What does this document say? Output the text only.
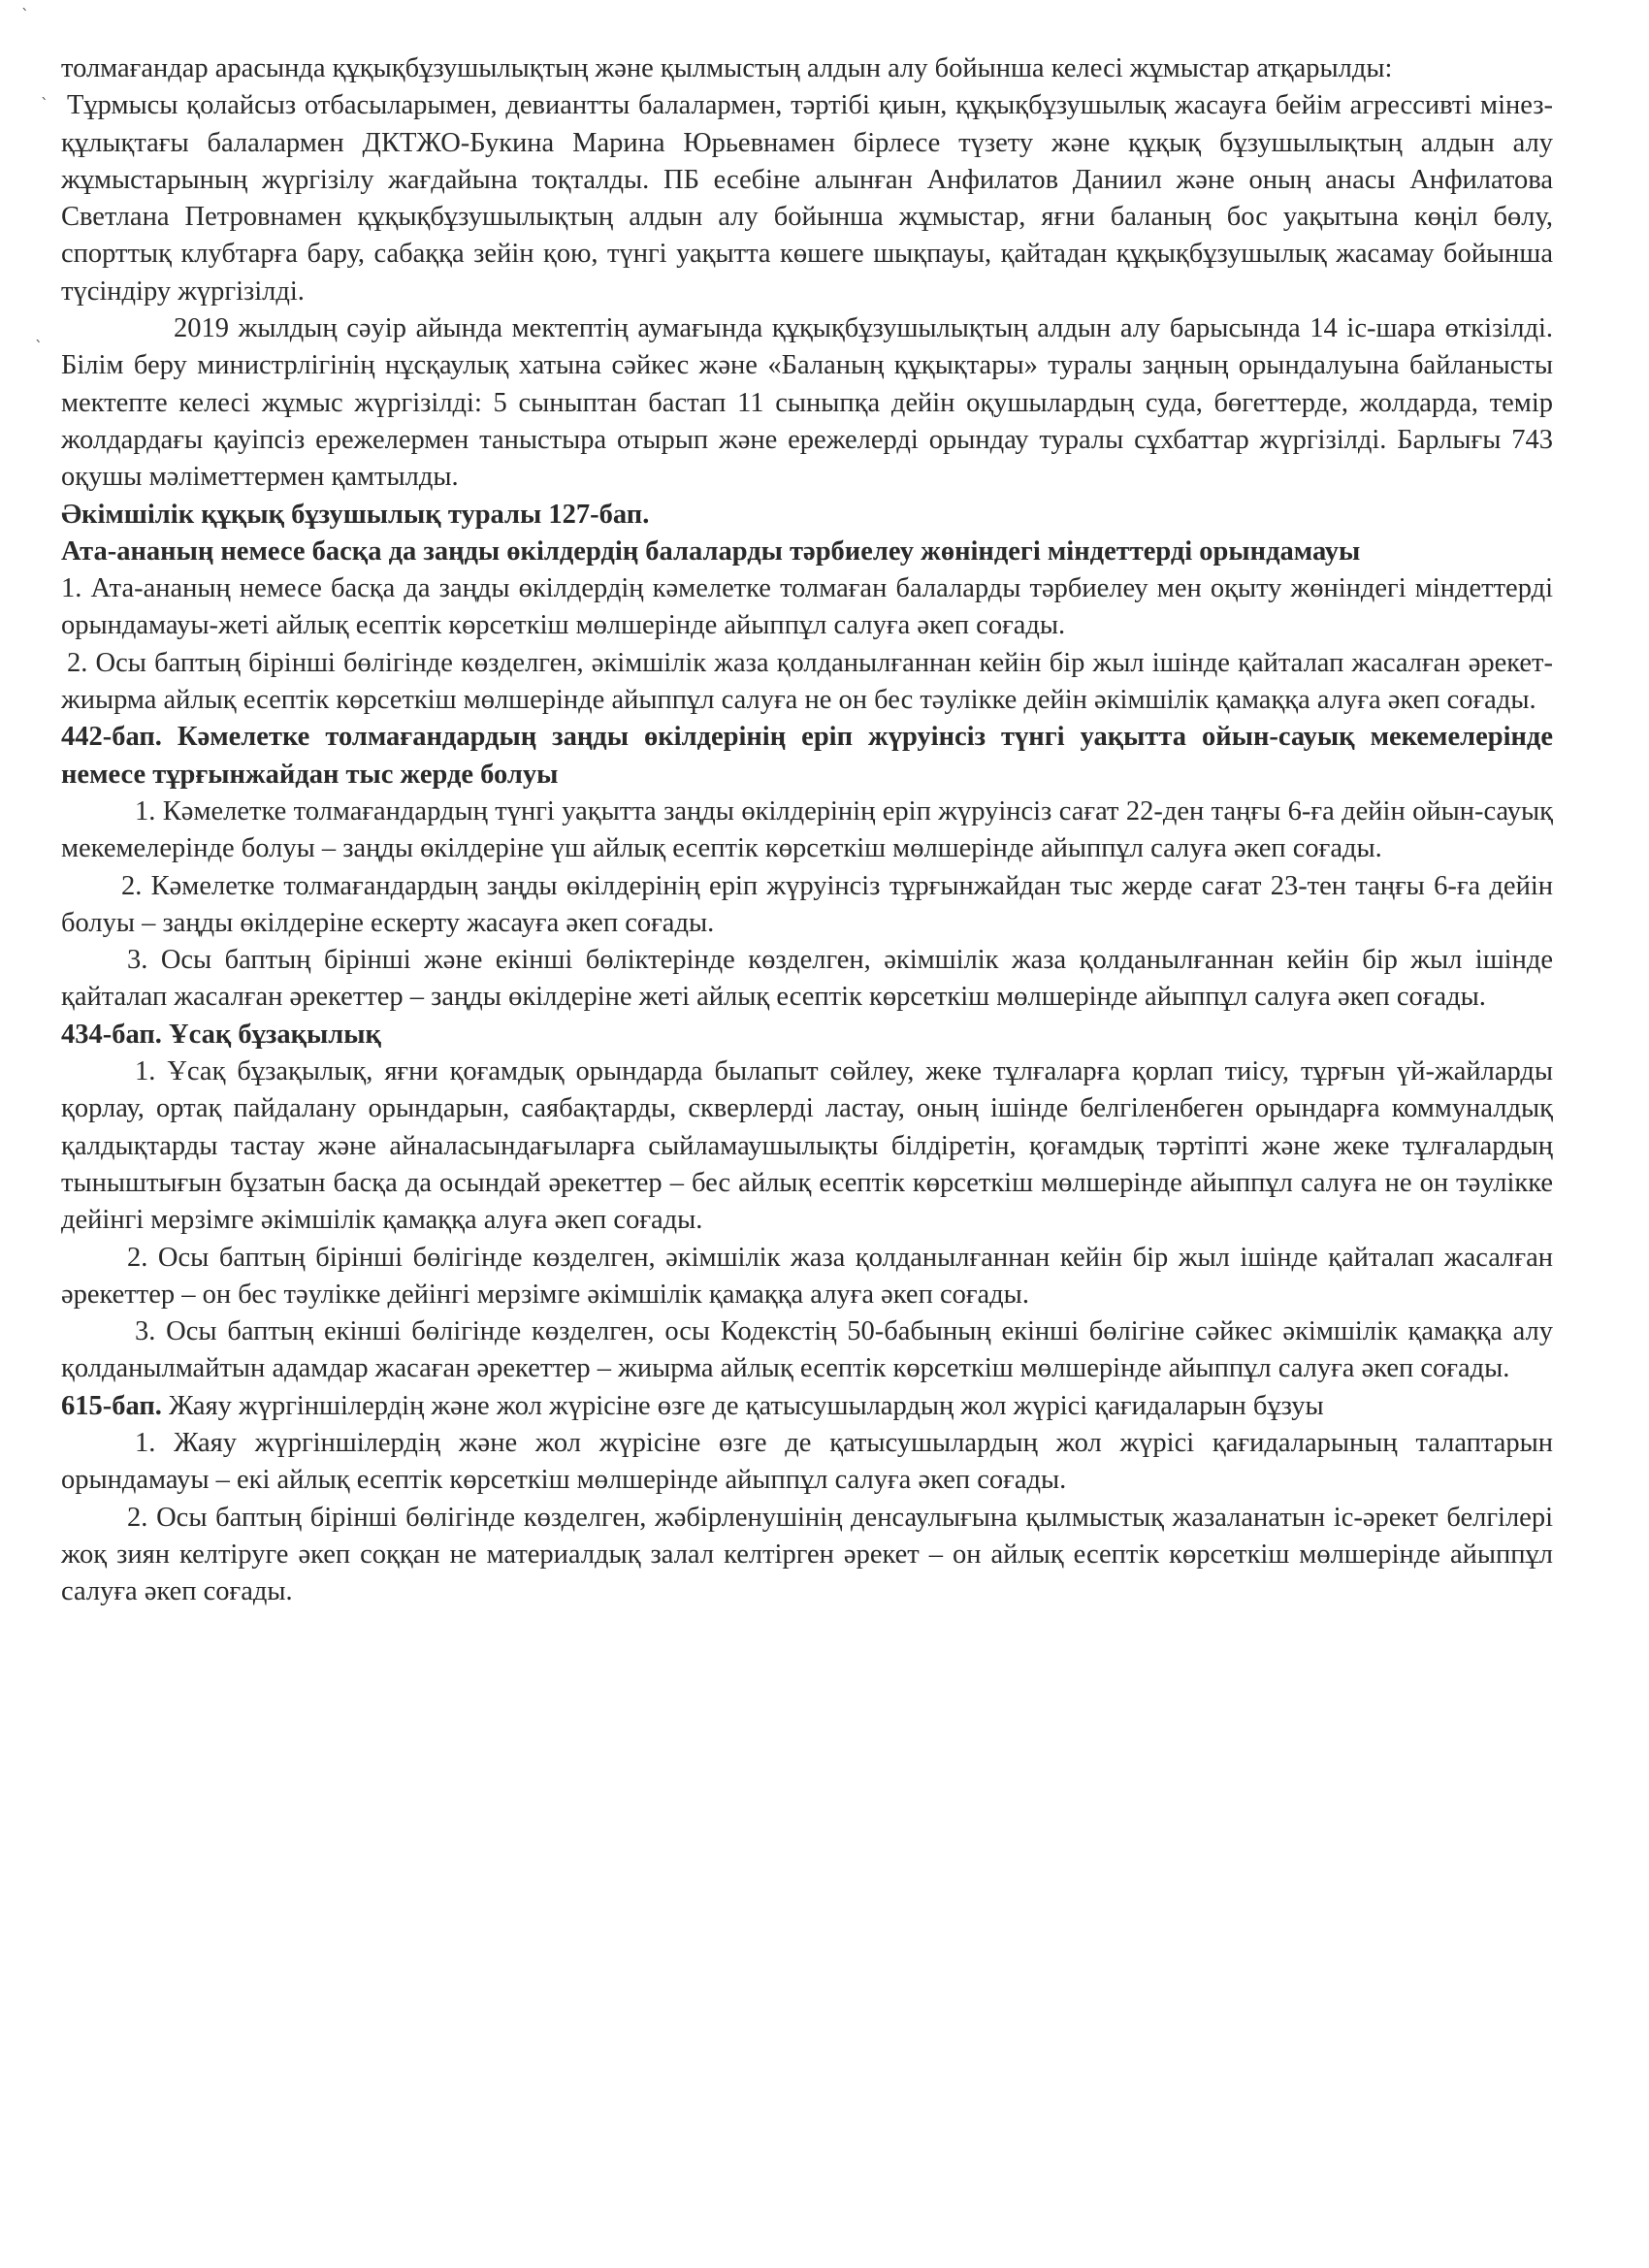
ˋ
ˎ
ˋ

толмағандар арасында құқықбұзушылықтың және қылмыстың алдын алу бойынша келесі жұмыстар атқарылды:

Тұрмысы қолайсыз отбасыларымен, девиантты балалармен, тәртібі қиын, құқықбұзушылық жасауға бейім агрессивті мінез-құлықтағы балалармен ДКТЖО-Букина Марина Юрьевнамен бірлесе түзету және құқық бұзушылықтың алдын алу жұмыстарының жүргізілу жағдайына тоқталды. ПБ есебіне алынған Анфилатов Даниил және оның анасы Анфилатова Светлана Петровнамен құқықбұзушылықтың алдын алу бойынша жұмыстар, яғни баланың бос уақытына көңіл бөлу, спорттық клубтарға бару, сабаққа зейін қою, түнгі уақытта көшеге шықпауы, қайтадан құқықбұзушылық жасамау бойынша түсіндіру жүргізілді.

2019 жылдың сәуір айында мектептің аумағында құқықбұзушылықтың алдын алу барысында 14 іс-шара өткізілді. Білім беру министрлігінің нұсқаулық хатына сәйкес және «Баланың құқықтары» туралы заңның орындалуына байланысты мектепте келесі жұмыс жүргізілді: 5 сыныптан бастап 11 сыныпқа дейін оқушылардың суда, бөгеттерде, жолдарда, темір жолдардағы қауіпсіз ережелермен таныстыра отырып және ережелерді орындау туралы сұхбаттар жүргізілді. Барлығы 743 оқушы мәліметтермен қамтылды.

Әкімшілік құқық бұзушылық туралы 127-бап.

Ата-ананың немесе басқа да заңды өкілдердің балаларды тәрбиелеу жөніндегі міндеттерді орындамауы

1. Ата-ананың немесе басқа да заңды өкілдердің кәмелетке толмаған балаларды тәрбиелеу мен оқыту жөніндегі міндеттерді орындамауы-жеті айлық есептік көрсеткіш мөлшерінде айыппұл салуға әкеп соғады.

2. Осы баптың бірінші бөлігінде көзделген, әкімшілік жаза қолданылғаннан кейін бір жыл ішінде қайталап жасалған әрекет-жиырма айлық есептік көрсеткіш мөлшерінде айыппұл салуға не он бес тәулікке дейін әкімшілік қамаққа алуға әкеп соғады.

442-бап. Кәмелетке толмағандардың заңды өкілдерінің еріп жүруінсіз түнгі уақытта ойын-сауық мекемелерінде немесе тұрғынжайдан тыс жерде болуы

1. Кәмелетке толмағандардың түнгі уақытта заңды өкілдерінің еріп жүруінсіз сағат 22-ден таңғы 6-ға дейін ойын-сауық мекемелерінде болуы – заңды өкілдеріне үш айлық есептік көрсеткіш мөлшерінде айыппұл салуға әкеп соғады.

2. Кәмелетке толмағандардың заңды өкілдерінің еріп жүруінсіз тұрғынжайдан тыс жерде сағат 23-тен таңғы 6-ға дейін болуы – заңды өкілдеріне ескерту жасауға әкеп соғады.

3. Осы баптың бірінші және екінші бөліктерінде көзделген, әкімшілік жаза қолданылғаннан кейін бір жыл ішінде қайталап жасалған әрекеттер – заңды өкілдеріне жеті айлық есептік көрсеткіш мөлшерінде айыппұл салуға әкеп соғады.

434-бап. Ұсақ бұзақылық

1. Ұсақ бұзақылық, яғни қоғамдық орындарда былапыт сөйлеу, жеке тұлғаларға қорлап тиісу, тұрғын үй-жайларды қорлау, ортақ пайдалану орындарын, саябақтарды, скверлерді ластау, оның ішінде белгіленбеген орындарға коммуналдық қалдықтарды тастау және айналасындағыларға сыйламаушылықты білдіретін, қоғамдық тәртіпті және жеке тұлғалардың тыныштығын бұзатын басқа да осындай әрекеттер – бес айлық есептік көрсеткіш мөлшерінде айыппұл салуға не он тәулікке дейінгі мерзімге әкімшілік қамаққа алуға әкеп соғады.

2. Осы баптың бірінші бөлігінде көзделген, әкімшілік жаза қолданылғаннан кейін бір жыл ішінде қайталап жасалған әрекеттер – он бес тәулікке дейінгі мерзімге әкімшілік қамаққа алуға әкеп соғады.

3. Осы баптың екінші бөлігінде көзделген, осы Кодекстің 50-бабының екінші бөлігіне сәйкес әкімшілік қамаққа алу қолданылмайтын адамдар жасаған әрекеттер – жиырма айлық есептік көрсеткіш мөлшерінде айыппұл салуға әкеп соғады.

615-бап. Жаяу жүргіншілердің және жол жүрісіне өзге де қатысушылардың жол жүрісі қағидаларын бұзуы

1. Жаяу жүргіншілердің және жол жүрісіне өзге де қатысушылардың жол жүрісі қағидаларының талаптарын орындамауы – екі айлық есептік көрсеткіш мөлшерінде айыппұл салуға әкеп соғады.

2. Осы баптың бірінші бөлігінде көзделген, жәбірленушінің денсаулығына қылмыстық жазаланатын іс-әрекет белгілері жоқ зиян келтіруге әкеп соққан не материалдық залал келтірген әрекет – он айлық есептік көрсеткіш мөлшерінде айыппұл салуға әкеп соғады.
